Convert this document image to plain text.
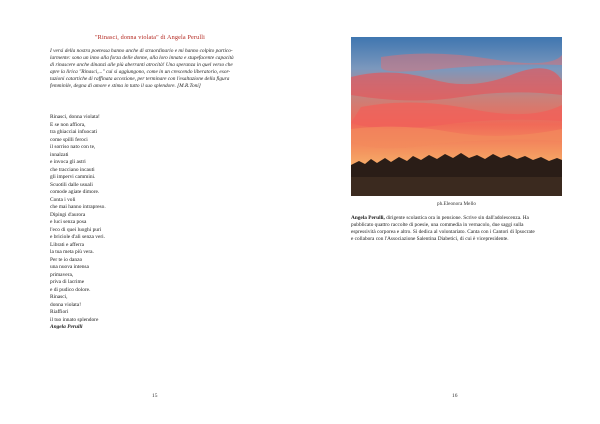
"Rinasci, donna violata" di Angela Perulli
I versi della nostra poetessa hanno anche di straordinario e mi hanno colpito partico-
larmente: sono un inno alla forza delle donne, alla loro innata e stupefacente capacità
di rinascere anche dinanzi alle più aberranti atrocità! Una speranza in quel verso che
apre la lirica "Rinasci,..." cui si aggiungono, come in un crescendo liberatorio, esor-
tazioni catartiche di raffinata accezione, per terminare con l'esaltazione della figura
femminile, degna di amore e stima in tutto il suo splendore. [M.R.Toni]
Rinasci, donna violata!
E se non affiora,
tra ghiacciai infuocati
come spilli feroci
il sorriso nato con te,
innalzati
e invoca gli astri
che tracciano incauti
gli impervi cammini.
Scuotili dalle usuali
comode agiate dimore.
Conta i voli
che mai hanno intrapreso.
Dipingi d'aurora
e luci senza posa
l'eco di quei luoghi puri
e briciole d'ali senza veri.
Librati e afferra
la tua meta più vera.
Per te io danzo
una nuova intensa
primavera,
priva di lacrime
e di pudico dolore.
Rinasci,
donna violata!
Riaffiori
il tuo innato splendore
Angela Perulli
15
ph.Eleonora Mello
Angela Perulli, dirigente scolastica ora in pensione. Scrive sin dall'adolescenza. Ha
pubblicato quattro raccolte di poesie, una commedia in vernacolo, due saggi sulla
espressività corporea e altro. Si dedica al volontariato. Canta con i Cantori di Ipsocrate
e collabora con l'Associazione Salentina Diabetici, di cui è vicepresidente.
16
